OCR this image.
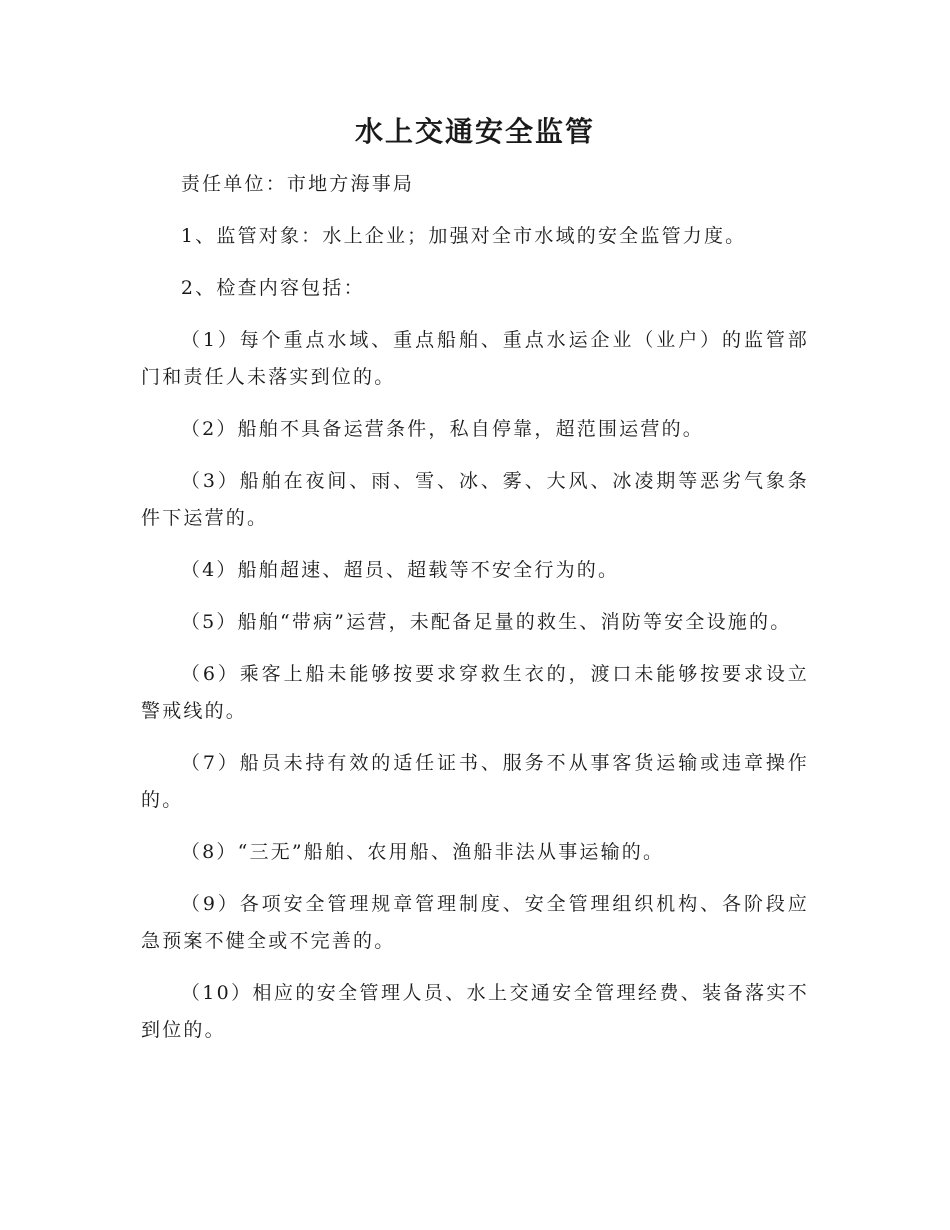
水上交通安全监管

责任单位：市地方海事局

1、监管对象：水上企业；加强对全市水域的安全监管力度。

2、检查内容包括：

（1）每个重点水域、重点船舶、重点水运企业（业户）的监管部门和责任人未落实到位的。

（2）船舶不具备运营条件，私自停靠，超范围运营的。

（3）船舶在夜间、雨、雪、冰、雾、大风、冰凌期等恶劣气象条件下运营的。

（4）船舶超速、超员、超载等不安全行为的。

（5）船舶“带病”运营，未配备足量的救生、消防等安全设施的。

（6）乘客上船未能够按要求穿救生衣的，渡口未能够按要求设立警戒线的。

（7）船员未持有效的适任证书、服务不从事客货运输或违章操作的。

（8）“三无”船舶、农用船、渔船非法从事运输的。

（9）各项安全管理规章管理制度、安全管理组织机构、各阶段应急预案不健全或不完善的。

（10）相应的安全管理人员、水上交通安全管理经费、装备落实不到位的。
